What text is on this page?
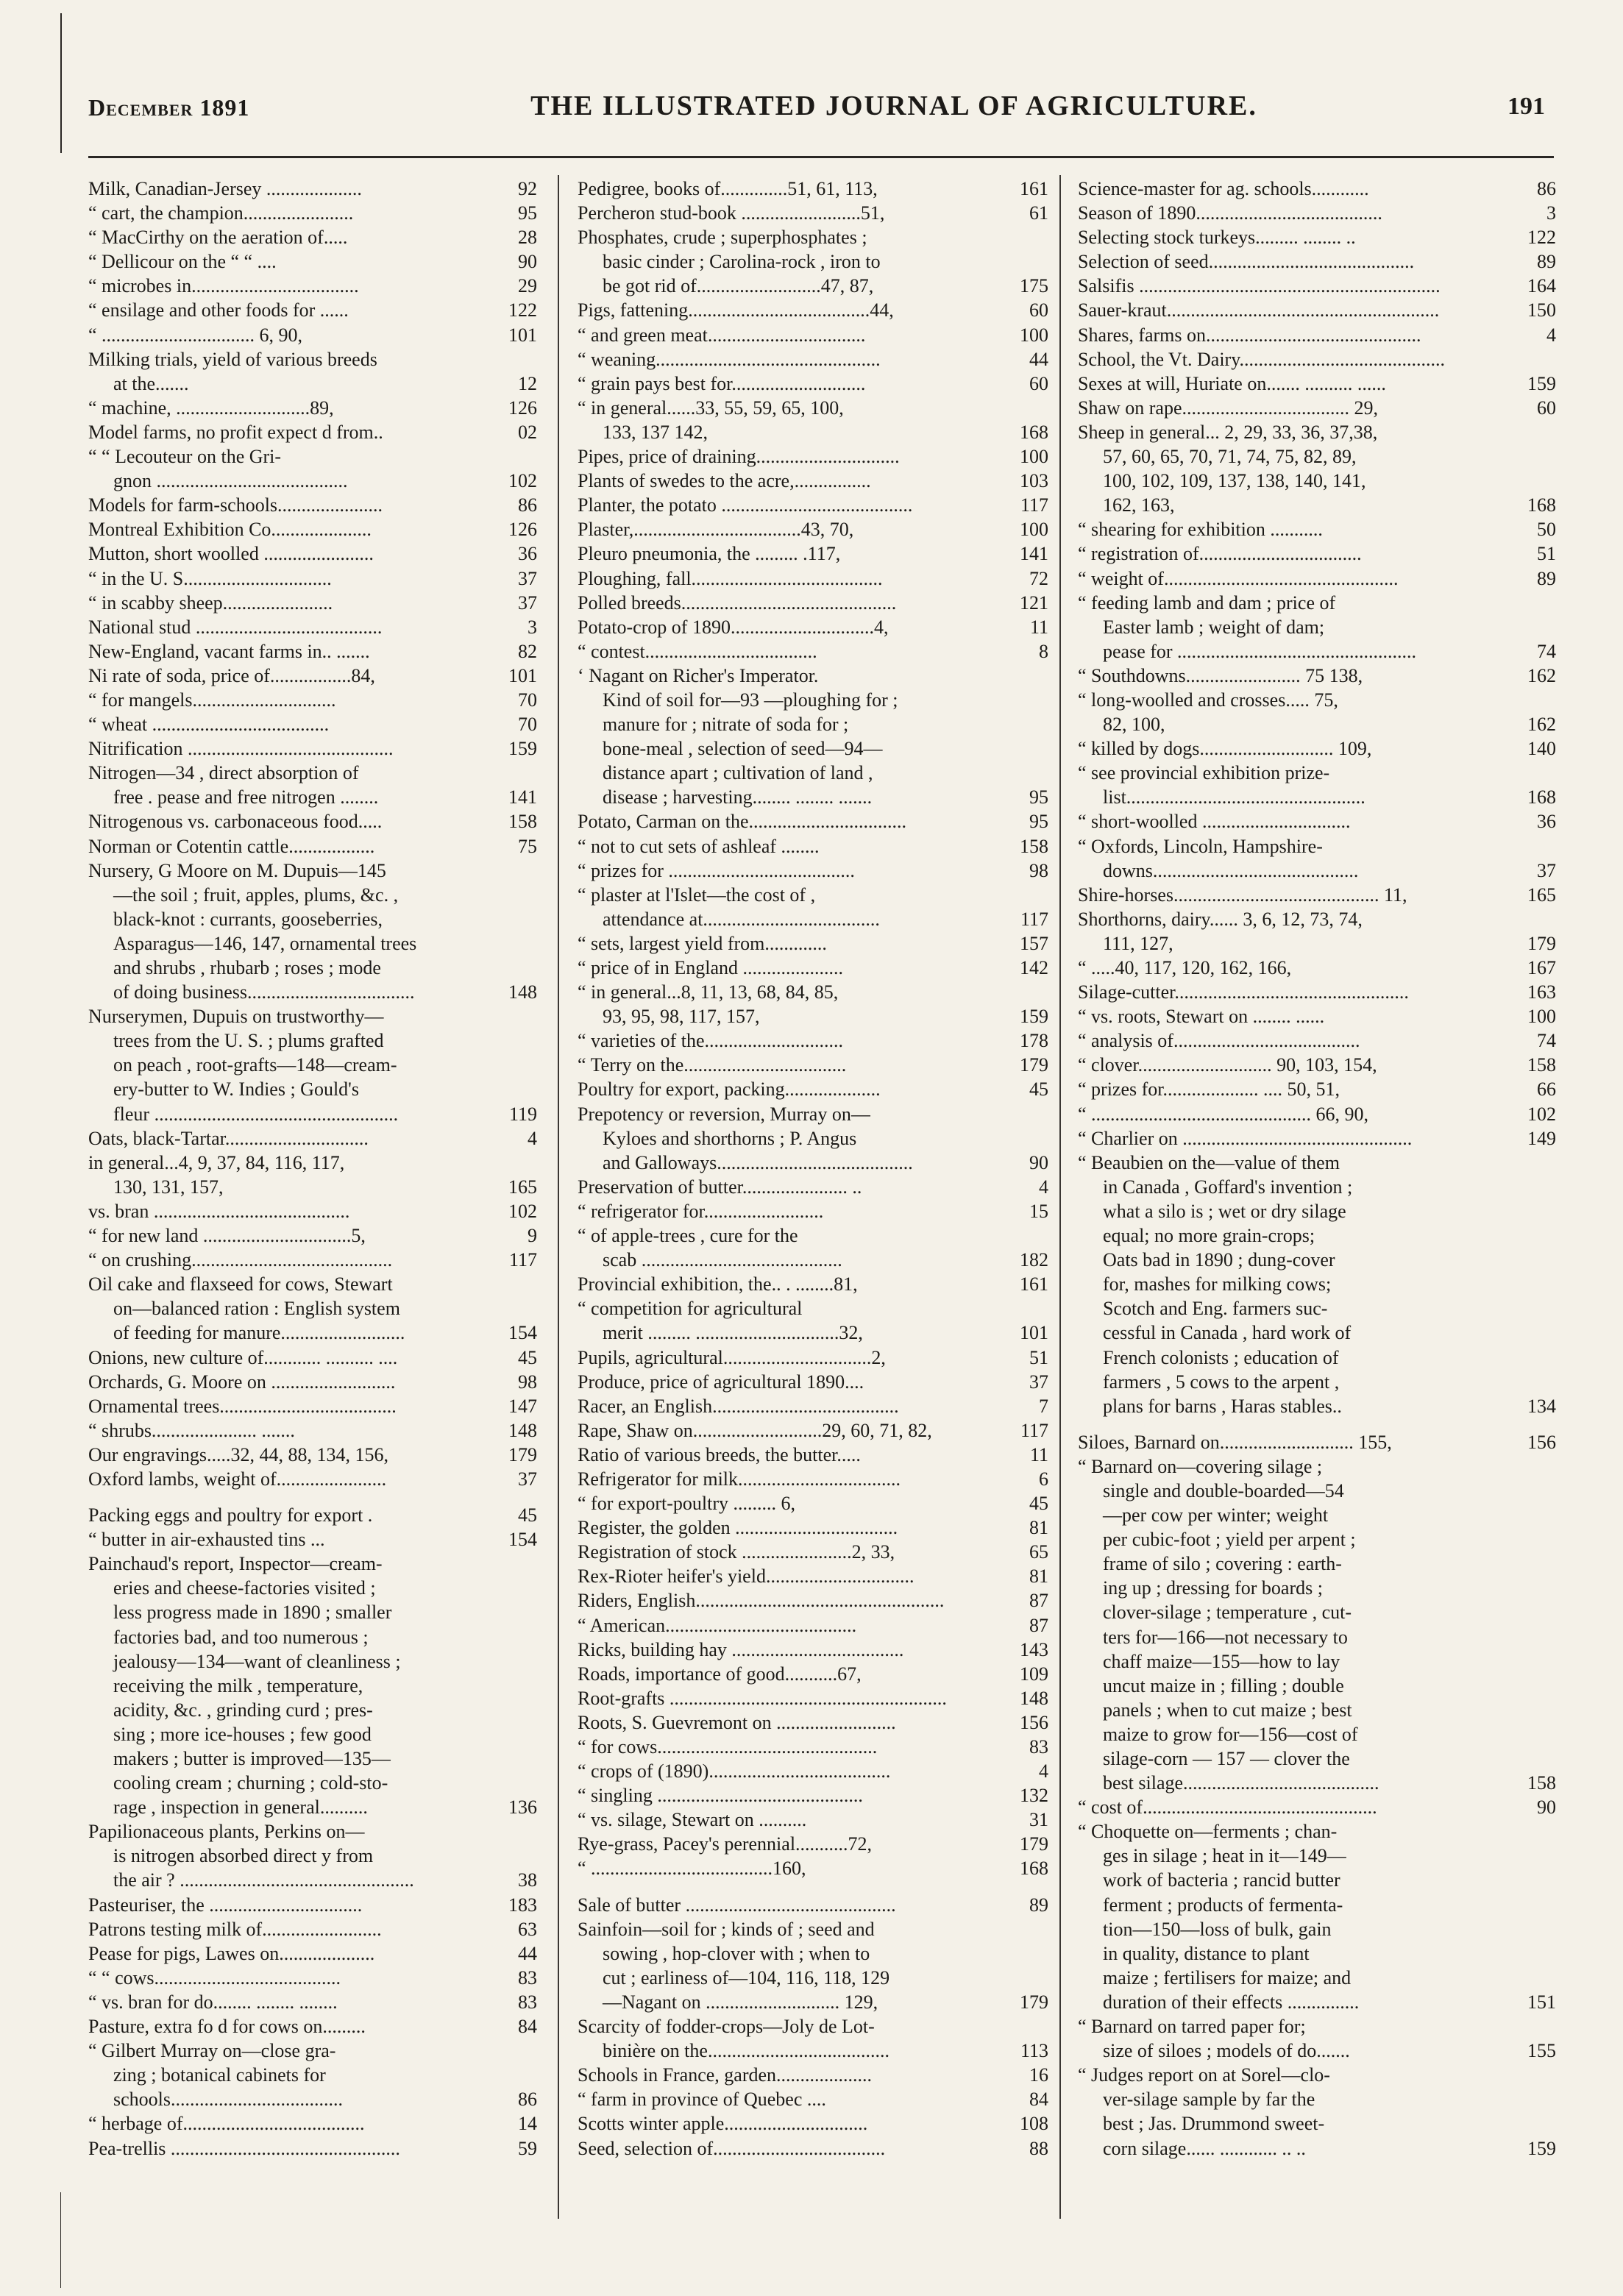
December 1891	THE ILLUSTRATED JOURNAL OF AGRICULTURE.	191
Milk, Canadian-Jersey ....................	92
“ cart, the champion.......................	95
“ MacCirthy on the aeration of.....	28
“ Dellicour on the “ “ ....	90
“ microbes in...................................	29
“ ensilage and other foods for ......	122
“ ................................ 6, 90,	101
Milking trials, yield of various breeds
at the.......	12
“ machine, ............................89,	126
Model farms, no profit expect d from..	02
“ “ Lecouteur on the Gri-
gnon ........................................	102
Models for farm-schools......................	86
Montreal Exhibition Co.....................	126
Mutton, short woolled .......................	36
“ in the U. S...............................	37
“ in scabby sheep.......................	37
National stud .......................................	3
New-England, vacant farms in.. .......	82
Ni rate of soda, price of.................84,	101
“ for mangels..............................	70
“ wheat .....................................	70
Nitrification ...........................................	159
Nitrogen—34 , direct absorption of
free . pease and free nitrogen ........	141
Nitrogenous vs. carbonaceous food.....	158
Norman or Cotentin cattle..................	75
Nursery, G Moore on M. Dupuis—145
—the soil ; fruit, apples, plums, &c. ,
black-knot : currants, gooseberries,
Asparagus—146, 147, ornamental trees
and shrubs , rhubarb ; roses ; mode
of doing business...................................	148
Nurserymen, Dupuis on trustworthy—
trees from the U. S. ; plums grafted
on peach , root-grafts—148—cream-
ery-butter to W. Indies ; Gould's
fleur ...................................................	119
Oats, black-Tartar..............................	4
in general...4, 9, 37, 84, 116, 117,
130, 131, 157,	165
vs. bran .........................................	102
“ for new land ...............................5,	9
“ on crushing..........................................	117
Oil cake and flaxseed for cows, Stewart
on—balanced ration : English system
of feeding for manure..........................	154
Onions, new culture of............ .......... ....	45
Orchards, G. Moore on ..........................	98
Ornamental trees.....................................	147
“ shrubs...................... .......	148
Our engravings.....32, 44, 88, 134, 156,	179
Oxford lambs, weight of.......................	37
Packing eggs and poultry for export .	45
“ butter in air-exhausted tins ...	154
Painchaud's report, Inspector—cream-
eries and cheese-factories visited ;
less progress made in 1890 ; smaller
factories bad, and too numerous ;
jealousy—134—want of cleanliness ;
receiving the milk , temperature,
acidity, &c. , grinding curd ; pres-
sing ; more ice-houses ; few good
makers ; butter is improved—135—
cooling cream ; churning ; cold-sto-
rage , inspection in general..........	136
Papilionaceous plants, Perkins on—
is nitrogen absorbed direct y from
the air ? .................................................	38
Pasteuriser, the ................................	183
Patrons testing milk of.........................	63
Pease for pigs, Lawes on....................	44
“ “ cows.......................................	83
“ vs. bran for do........ ........ ........	83
Pasture, extra fo d for cows on.........	84
“ Gilbert Murray on—close gra-
zing ; botanical cabinets for
schools....................................	86
“ herbage of......................................	14
Pea-trellis ................................................	59
Pedigree, books of..............51, 61, 113,	161
Percheron stud-book .........................51,	61
Phosphates, crude ; superphosphates ;
basic cinder ; Carolina-rock , iron to
be got rid of..........................47, 87,	175
Pigs, fattening......................................44,	60
“ and green meat.................................	100
“ weaning...............................................	44
“ grain pays best for............................	60
“ in general......33, 55, 59, 65, 100,
133, 137 142,	168
Pipes, price of draining..............................	100
Plants of swedes to the acre,................	103
Planter, the potato ........................................	117
Plaster,...................................43, 70,	100
Pleuro pneumonia, the ......... .117,	141
Ploughing, fall........................................	72
Polled breeds.............................................	121
Potato-crop of 1890..............................4,	11
“ contest....................................	8
‘ Nagant on Richer's Imperator.
Kind of soil for—93 —ploughing for ;
manure for ; nitrate of soda for ;
bone-meal , selection of seed—94—
distance apart ; cultivation of land ,
disease ; harvesting........ ........ .......	95
Potato, Carman on the.................................	95
“ not to cut sets of ashleaf ........	158
“ prizes for .......................................	98
“ plaster at l'Islet—the cost of ,
attendance at.....................................	117
“ sets, largest yield from.............	157
“ price of in England .....................	142
“ in general...8, 11, 13, 68, 84, 85,
93, 95, 98, 117, 157,	159
“ varieties of the.............................	178
“ Terry on the..................................	179
Poultry for export, packing....................	45
Prepotency or reversion, Murray on—
Kyloes and shorthorns ; P. Angus
and Galloways.........................................	90
Preservation of butter...................... ..	4
“ refrigerator for.........................	15
“ of apple-trees , cure for the
scab ..........................................	182
Provincial exhibition, the.. . ........81,	161
“ competition for agricultural
merit ......... ..............................32,	101
Pupils, agricultural...............................2,	51
Produce, price of agricultural 1890....	37
Racer, an English.......................................	7
Rape, Shaw on...........................29, 60, 71, 82,	117
Ratio of various breeds, the butter.....	11
Refrigerator for milk..................................	6
“ for export-poultry ......... 6,	45
Register, the golden ..................................	81
Registration of stock .......................2, 33,	65
Rex-Rioter heifer's yield...............................	81
Riders, English....................................................	87
“ American........................................	87
Ricks, building hay ....................................	143
Roads, importance of good...........67,	109
Root-grafts ..........................................................	148
Roots, S. Guevremont on .........................	156
“ for cows..............................................	83
“ crops of (1890)......................................	4
“ singling ...........................................	132
“ vs. silage, Stewart on ..........	31
Rye-grass, Pacey's perennial...........72,	179
“ ......................................160,	168
Sale of butter ............................................	89
Sainfoin—soil for ; kinds of ; seed and
sowing , hop-clover with ; when to
cut ; earliness of—104, 116, 118, 129
—Nagant on ............................ 129,	179
Scarcity of fodder-crops—Joly de Lot-
binière on the......................................	113
Schools in France, garden....................	16
“ farm in province of Quebec ....	84
Scotts winter apple..............................	108
Seed, selection of....................................	88
Science-master for ag. schools............	86
Season of 1890.......................................	3
Selecting stock turkeys......... ........ ..	122
Selection of seed...........................................	89
Salsifis ...............................................................	164
Sauer-kraut.........................................................	150
Shares, farms on.............................................	4
School, the Vt. Dairy...........................................
Sexes at will, Huriate on....... .......... ......	159
Shaw on rape................................... 29,	60
Sheep in general... 2, 29, 33, 36, 37,38,
57, 60, 65, 70, 71, 74, 75, 82, 89,
100, 102, 109, 137, 138, 140, 141,
162, 163,	168
“ shearing for exhibition ...........	50
“ registration of..................................	51
“ weight of.................................................	89
“ feeding lamb and dam ; price of
Easter lamb ; weight of dam;
pease for ..................................................	74
“ Southdowns........................ 75 138,	162
“ long-woolled and crosses..... 75,
82, 100,	162
“ killed by dogs............................ 109,	140
“ see provincial exhibition prize-
list..................................................	168
“ short-woolled ...............................	36
“ Oxfords, Lincoln, Hampshire-
downs...........................................	37
Shire-horses........................................... 11,	165
Shorthorns, dairy...... 3, 6, 12, 73, 74,
111, 127,	179
“ .....40, 117, 120, 162, 166,	167
Silage-cutter.................................................	163
“ vs. roots, Stewart on ........ ......	100
“ analysis of.......................................	74
“ clover............................ 90, 103, 154,	158
“ prizes for.................... .... 50, 51,	66
“ .............................................. 66, 90,	102
“ Charlier on ................................................	149
“ Beaubien on the—value of them
in Canada , Goffard's invention ;
what a silo is ; wet or dry silage
equal; no more grain-crops;
Oats bad in 1890 ; dung-cover
for, mashes for milking cows;
Scotch and Eng. farmers suc-
cessful in Canada , hard work of
French colonists ; education of
farmers , 5 cows to the arpent ,
plans for barns , Haras stables..	134
Siloes, Barnard on............................ 155,	156
“ Barnard on—covering silage ;
single and double-boarded—54
—per cow per winter; weight
per cubic-foot ; yield per arpent ;
frame of silo ; covering : earth-
ing up ; dressing for boards ;
clover-silage ; temperature , cut-
ters for—166—not necessary to
chaff maize—155—how to lay
uncut maize in ; filling ; double
panels ; when to cut maize ; best
maize to grow for—156—cost of
silage-corn — 157 — clover the
best silage.........................................	158
“ cost of.................................................	90
“ Choquette on—ferments ; chan-
ges in silage ; heat in it—149—
work of bacteria ; rancid butter
ferment ; products of fermenta-
tion—150—loss of bulk, gain
in quality, distance to plant
maize ; fertilisers for maize; and
duration of their effects ...............	151
“ Barnard on tarred paper for;
size of siloes ; models of do.......	155
“ Judges report on at Sorel—clo-
ver-silage sample by far the
best ; Jas. Drummond sweet-
corn silage...... ............ .. ..	159
